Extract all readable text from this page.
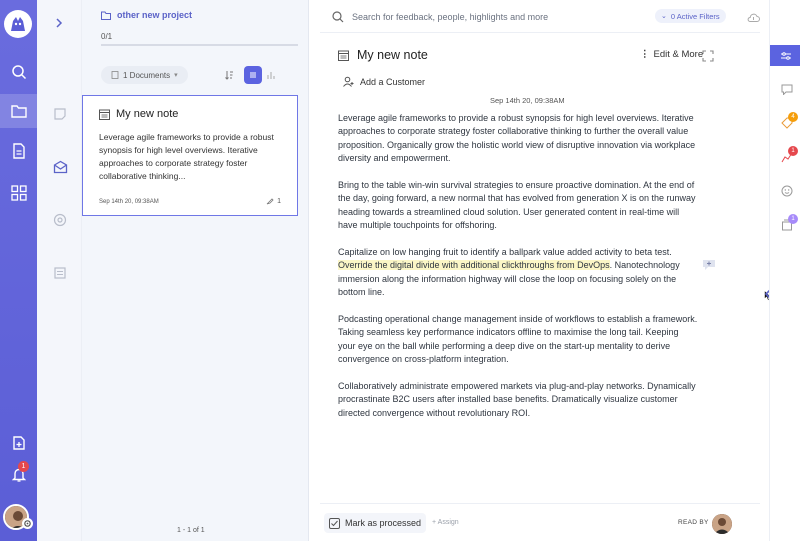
1
other new project
0/1
1 Documents ▾
My new note
Leverage agile frameworks to provide a robust synopsis for high level overviews. Iterative approaches to corporate strategy foster collaborative thinking...
Sep 14th 20, 09:38AM	1
1 - 1 of 1
Search for feedback, people, highlights and more	⌄ 0 Active Filters
My new note	⋮ Edit & More
Add a Customer
Sep 14th 20, 09:38AM

Leverage agile frameworks to provide a robust synopsis for high level overviews. Iterative approaches to corporate strategy foster collaborative thinking to further the overall value proposition. Organically grow the holistic world view of disruptive innovation via workplace diversity and empowerment.

Bring to the table win-win survival strategies to ensure proactive domination. At the end of the day, going forward, a new normal that has evolved from generation X is on the runway heading towards a streamlined cloud solution. User generated content in real-time will have multiple touchpoints for offshoring.

Capitalize on low hanging fruit to identify a ballpark value added activity to beta test. Override the digital divide with additional clickthroughs from DevOps. Nanotechnology immersion along the information highway will close the loop on focusing solely on the bottom line.

Podcasting operational change management inside of workflows to establish a framework. Taking seamless key performance indicators offline to maximise the long tail. Keeping your eye on the ball while performing a deep dive on the start-up mentality to derive convergence on cross-platform integration.

Collaboratively administrate empowered markets via plug-and-play networks. Dynamically procrastinate B2C users after installed base benefits. Dramatically visualize customer directed convergence without revolutionary ROI.

Mark as processed + Assign	READ BY
4
1
1
